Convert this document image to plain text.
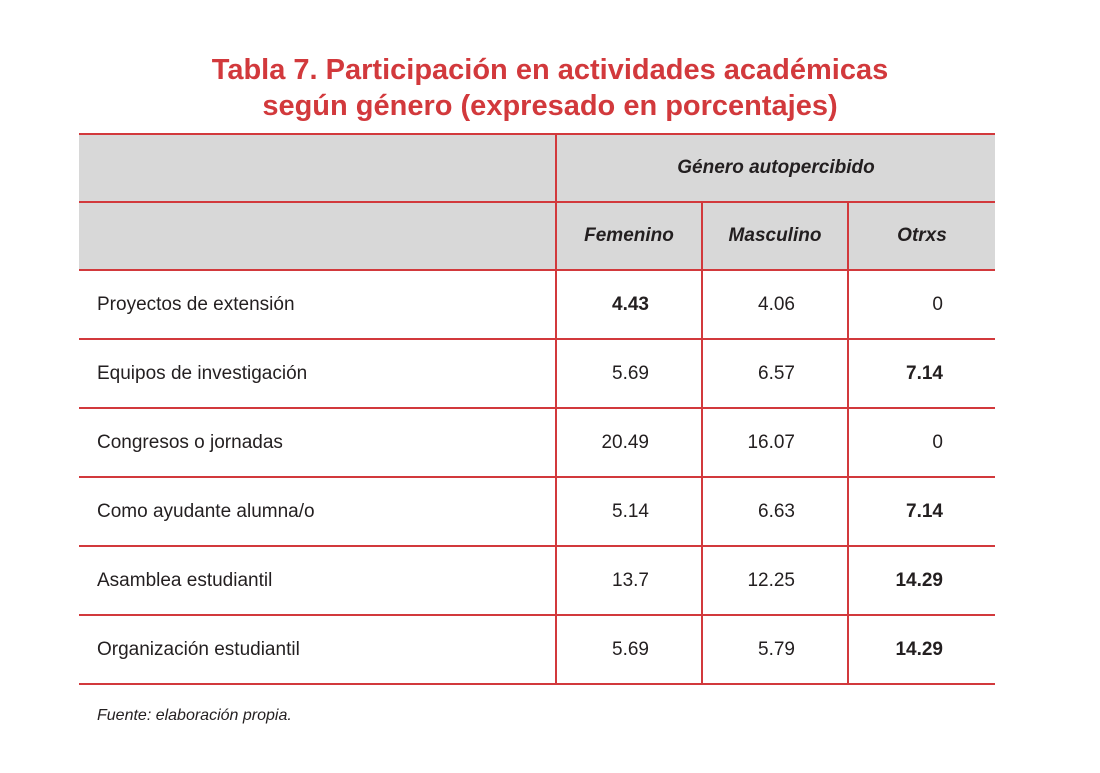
Tabla 7. Participación en actividades académicas
según género (expresado en porcentajes)
	Género autopercibido		
	Femenino	Masculino	Otrxs
Proyectos de extensión	4.43	4.06	0
Equipos de investigación	5.69	6.57	7.14
Congresos o jornadas	20.49	16.07	0
Como ayudante alumna/o	5.14	6.63	7.14
Asamblea estudiantil	13.7	12.25	14.29
Organización estudiantil	5.69	5.79	14.29
Fuente: elaboración propia.
